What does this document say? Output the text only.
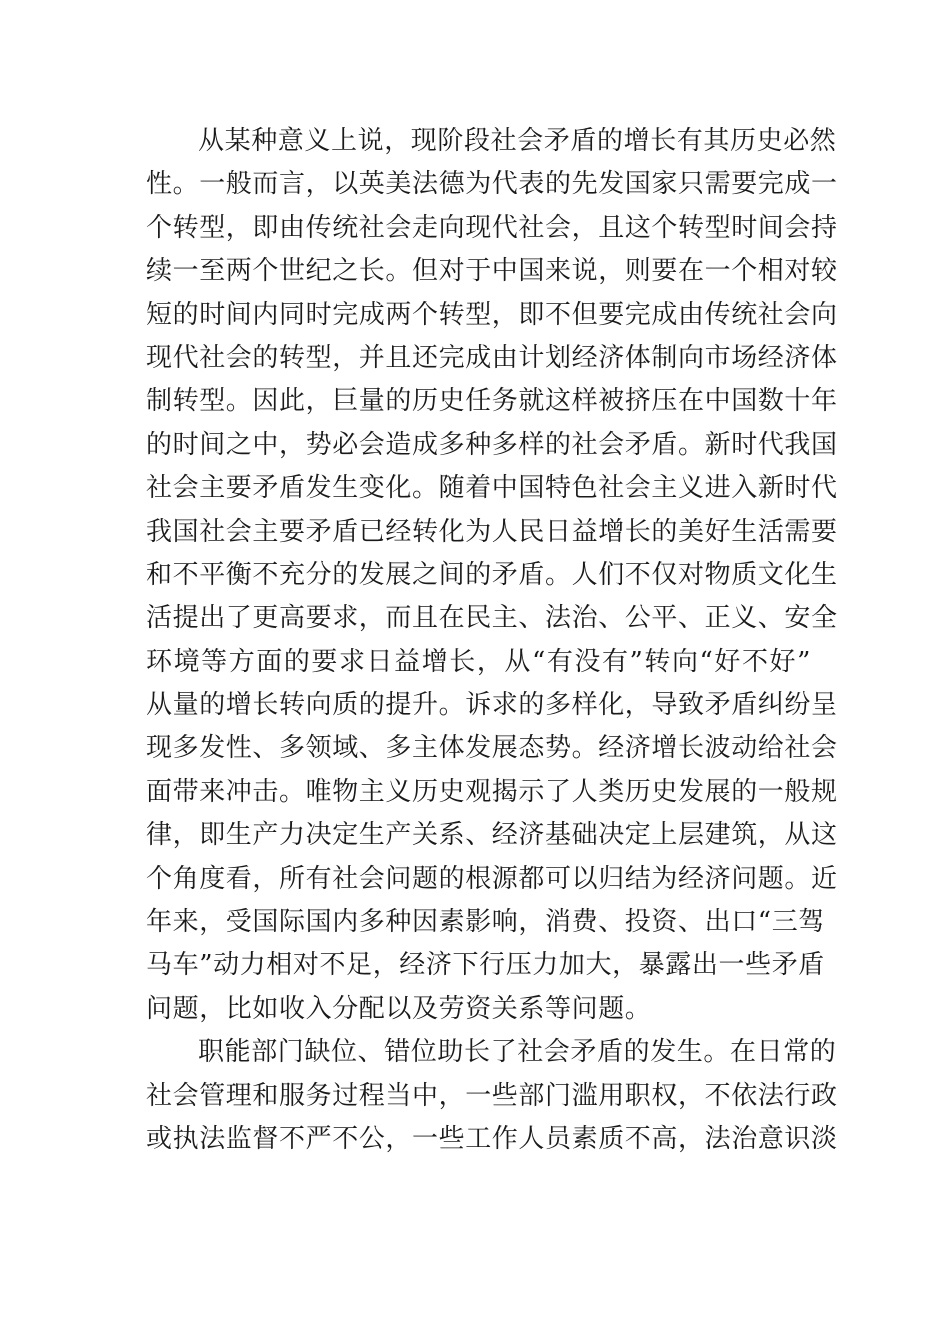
从某种意义上说，现阶段社会矛盾的增长有其历史必然
性。一般而言，以英美法德为代表的先发国家只需要完成一
个转型，即由传统社会走向现代社会，且这个转型时间会持
续一至两个世纪之长。但对于中国来说，则要在一个相对较
短的时间内同时完成两个转型，即不但要完成由传统社会向
现代社会的转型，并且还完成由计划经济体制向市场经济体
制转型。因此，巨量的历史任务就这样被挤压在中国数十年
的时间之中，势必会造成多种多样的社会矛盾。新时代我国
社会主要矛盾发生变化。随着中国特色社会主义进入新时代
我国社会主要矛盾已经转化为人民日益增长的美好生活需要
和不平衡不充分的发展之间的矛盾。人们不仅对物质文化生
活提出了更高要求，而且在民主、法治、公平、正义、安全
环境等方面的要求日益增长，从“有没有”转向“好不好”
从量的增长转向质的提升。诉求的多样化，导致矛盾纠纷呈
现多发性、多领域、多主体发展态势。经济增长波动给社会
面带来冲击。唯物主义历史观揭示了人类历史发展的一般规
律，即生产力决定生产关系、经济基础决定上层建筑，从这
个角度看，所有社会问题的根源都可以归结为经济问题。近
年来，受国际国内多种因素影响，消费、投资、出口“三驾
马车”动力相对不足，经济下行压力加大，暴露出一些矛盾
问题，比如收入分配以及劳资关系等问题。
职能部门缺位、错位助长了社会矛盾的发生。在日常的
社会管理和服务过程当中，一些部门滥用职权，不依法行政
或执法监督不严不公，一些工作人员素质不高，法治意识淡
